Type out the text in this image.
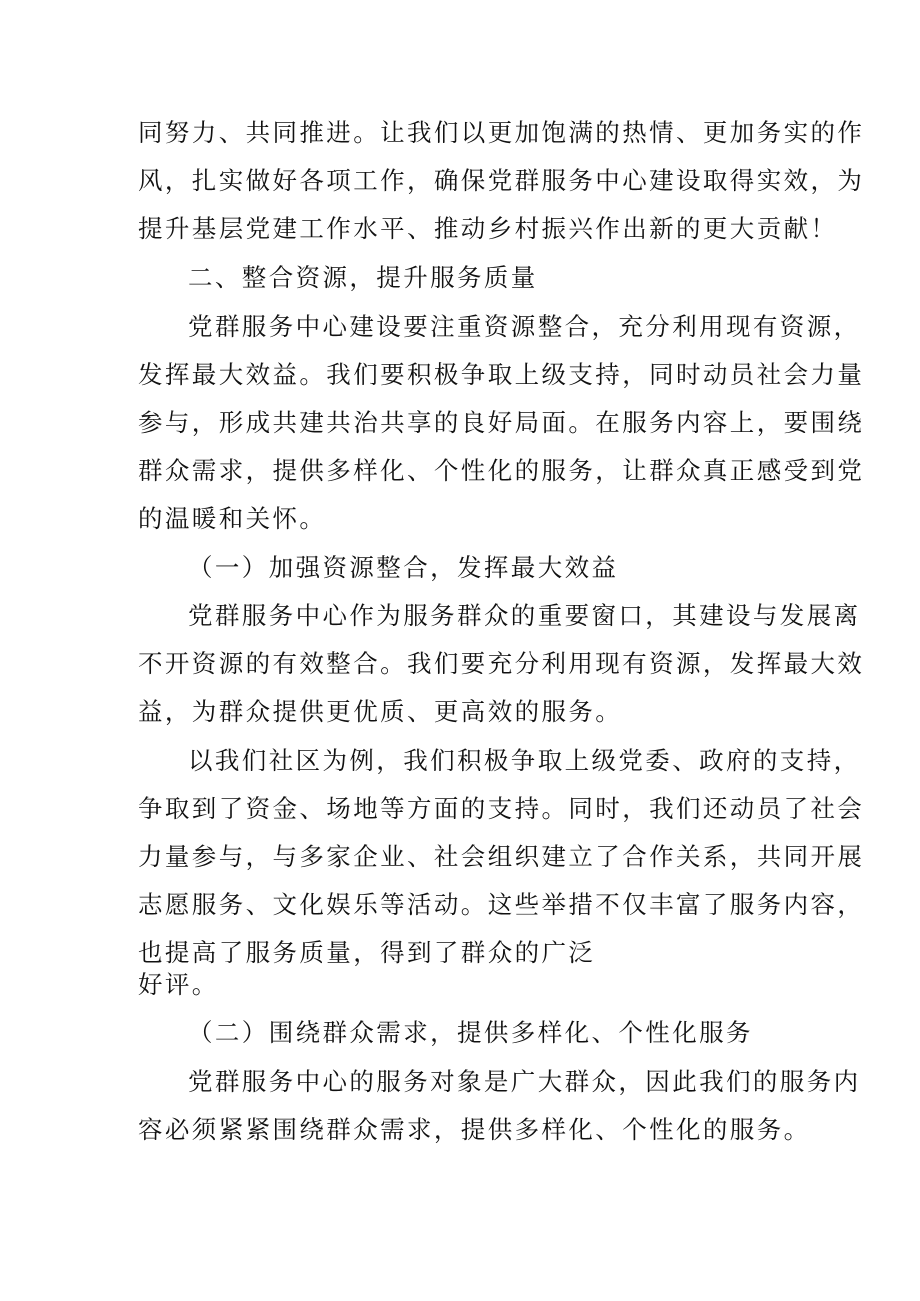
同努力、共同推进。让我们以更加饱满的热情、更加务实的作

风，扎实做好各项工作，确保党群服务中心建设取得实效，为

提升基层党建工作水平、推动乡村振兴作出新的更大贡献！

二、整合资源，提升服务质量

党群服务中心建设要注重资源整合，充分利用现有资源，

发挥最大效益。我们要积极争取上级支持，同时动员社会力量

参与，形成共建共治共享的良好局面。在服务内容上，要围绕

群众需求，提供多样化、个性化的服务，让群众真正感受到党

的温暖和关怀。

（一）加强资源整合，发挥最大效益

党群服务中心作为服务群众的重要窗口，其建设与发展离

不开资源的有效整合。我们要充分利用现有资源，发挥最大效

益，为群众提供更优质、更高效的服务。

以我们社区为例，我们积极争取上级党委、政府的支持，

争取到了资金、场地等方面的支持。同时，我们还动员了社会

力量参与，与多家企业、社会组织建立了合作关系，共同开展

志愿服务、文化娱乐等活动。这些举措不仅丰富了服务内容，

也提高了服务质量，得到了群众的广泛

好评。

（二）围绕群众需求，提供多样化、个性化服务

党群服务中心的服务对象是广大群众，因此我们的服务内

容必须紧紧围绕群众需求，提供多样化、个性化的服务。
